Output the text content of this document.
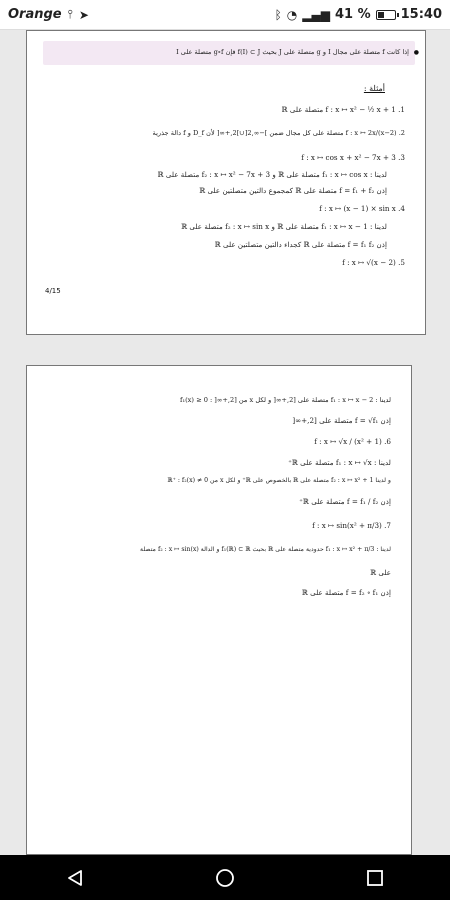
Orange ⫯ ➤	ᛒ ◔ ▂▄▆ 41 % 15:40
●
إذا كانت f متصلة على مجال I و g متصلة على J بحيث f(I) ⊂ J فإن g∘f متصلة على I
أمثلة :
1. f : x ↦ x² − ½ x + 1 متصلة على ℝ
2. f : x ↦ 2x/(x−2) متصلة على كل مجال ضمن ]−∞,2[∪]2,+∞[ لأن D_f و f دالة جذرية
3. f : x ↦ cos x + x² − 7x + 3
لدينا : f₁ : x ↦ cos x متصلة على ℝ و f₂ : x ↦ x² − 7x + 3 متصلة على ℝ
إذن f = f₁ + f₂ متصلة على ℝ كمجموع دالتين متصلتين على ℝ
4. f : x ↦ (x − 1) × sin x
لدينا : f₁ : x ↦ x − 1 متصلة على ℝ و f₂ : x ↦ sin x متصلة على ℝ
إذن f = f₁ f₂ متصلة على ℝ كجداء دالتين متصلتين على ℝ
5. f : x ↦ √(x − 2)
4/15
لدينا : f₁ : x ↦ x − 2 متصلة على [2,+∞[ و لكل x من [2,+∞[ : f₁(x) ≥ 0
إذن f = √f₁ متصلة على [2,+∞[
6. f : x ↦ √x / (x² + 1)
لدينا : f₁ : x ↦ √x متصلة على ℝ⁺
و لدينا f₂ : x ↦ x² + 1 متصلة على ℝ بالخصوص على ℝ⁺ و لكل x من ℝ⁺ : f₂(x) ≠ 0
إذن f = f₁ / f₂ متصلة على ℝ⁺
7. f : x ↦ sin(x² + π/3)
لدينا : f₁ : x ↦ x² + π/3 حدودية متصلة على ℝ بحيث f₁(ℝ) ⊂ ℝ و الدالة f₂ : x ↦ sin(x) متصلة
على ℝ
إذن f = f₂ ∘ f₁ متصلة على ℝ
